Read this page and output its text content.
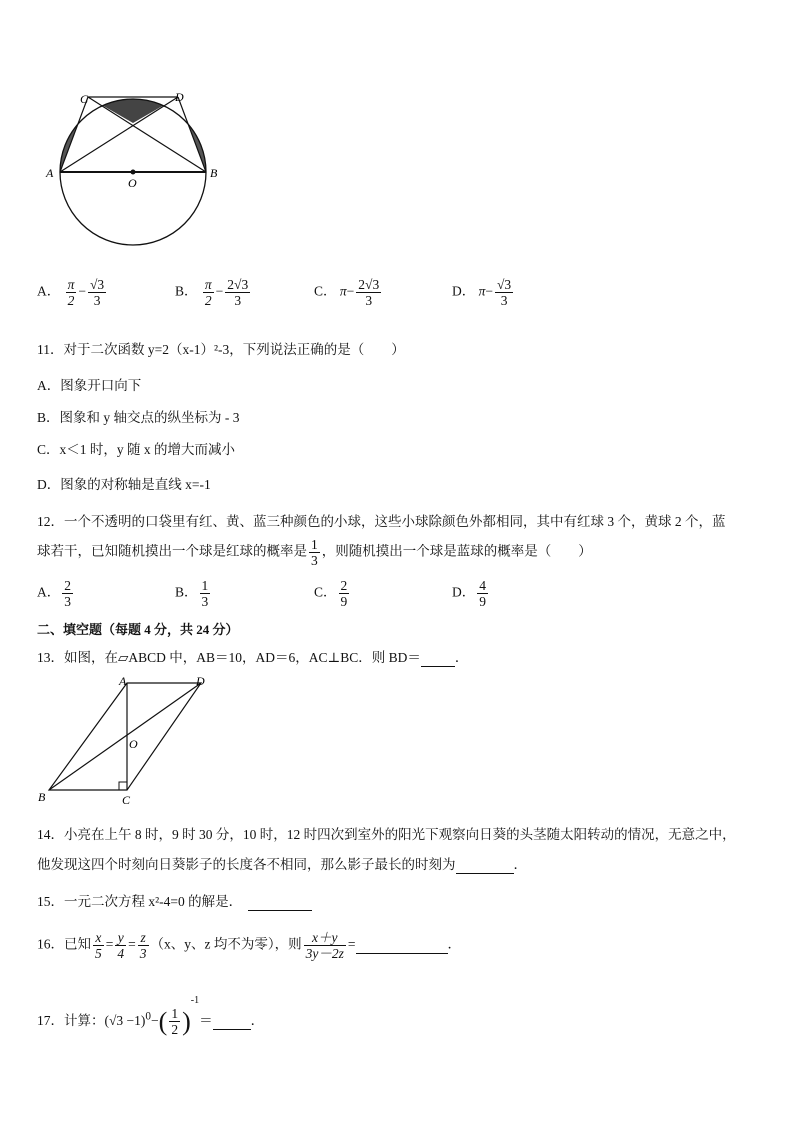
C	D
A	B
O
A． $\frac{\pi}{2} - \frac{√3}{3}$	B． $\frac{\pi}{2} - \frac{2√3}{3}$	C． $\pi- \frac{2√3}{3}$	D． $\pi- \frac{√3}{3}$
11．对于二次函数 y=2（x-1）²-3，下列说法正确的是（　　）
A．图象开口向下
B．图象和 y 轴交点的纵坐标为 - 3
C．x＜1 时，y 随 x 的增大而减小
D．图象的对称轴是直线 x=-1
12．一个不透明的口袋里有红、黄、蓝三种颜色的小球，这些小球除颜色外都相同，其中有红球 3 个，黄球 2 个，蓝
球若干，已知随机摸出一个球是红球的概率是 $\frac{1}{3}$ ，则随机摸出一个球是蓝球的概率是（　　）
A． $\frac{2}{3}$	B． $\frac{1}{3}$	C． $\frac{2}{9}$	D． $\frac{4}{9}$
二、填空题（每题 4 分，共 24 分）
13．如图，在▱ABCD 中，AB＝10，AD＝6，AC⊥BC．则 BD＝	．
A	D
O
B	C
14．小亮在上午 8 时，9 时 30 分，10 时，12 时四次到室外的阳光下观察向日葵的头茎随太阳转动的情况，无意之中，
他发现这四个时刻向日葵影子的长度各不相同，那么影子最长的时刻为	．
15．一元二次方程 x²-4=0 的解是．
16．已知 $\frac{x}{5} = \frac{y}{4} = \frac{z}{3} (x$、y、z 均不为零），则 $\frac{x+y}{3y-2z}$ =	．
17．计算：$(√3 -1)^0-( \frac{1}{2} )^{-1}=$	．
